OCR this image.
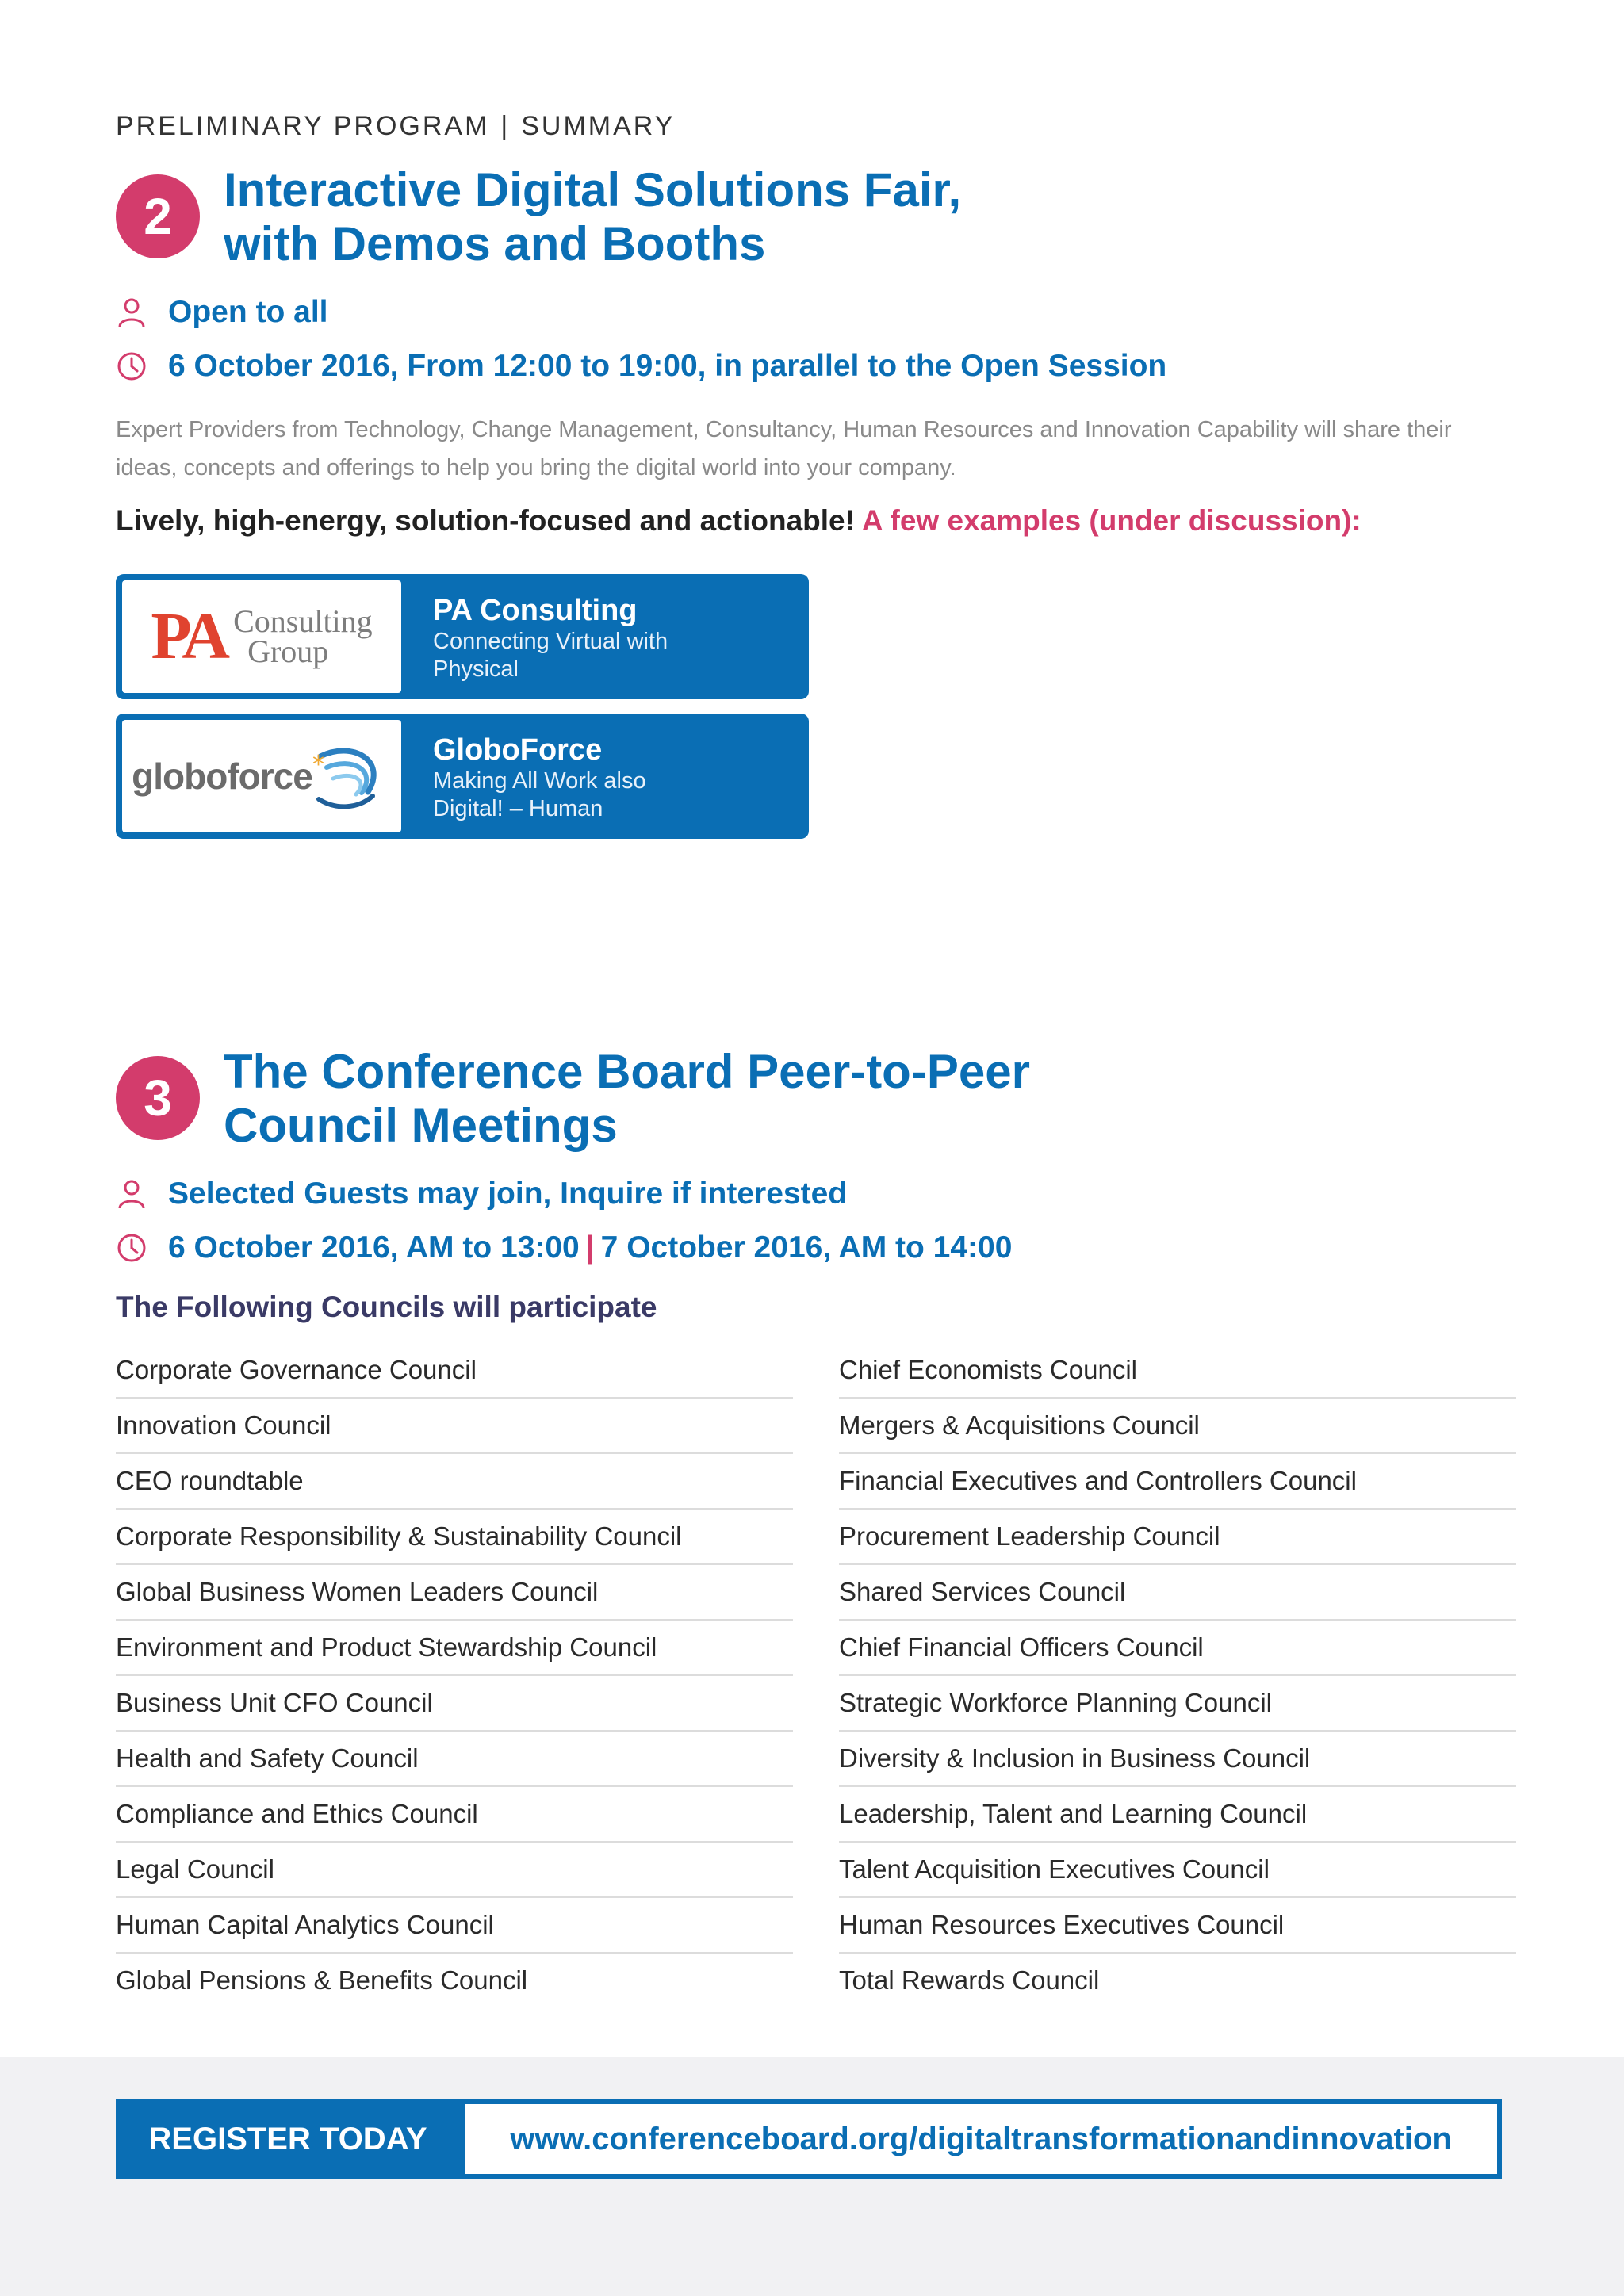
PRELIMINARY PROGRAM | SUMMARY
2	Interactive Digital Solutions Fair,
with Demos and Booths
Open to all
6 October 2016, From 12:00 to 19:00, in parallel to the Open Session

Expert Providers from Technology, Change Management, Consultancy, Human Resources and Innovation Capability will share their ideas, concepts and offerings to help you bring the digital world into your company.

Lively, high-energy, solution-focused and actionable! A few examples (under discussion):
PA Consulting
Group
PA Consulting
Connecting Virtual with Physical
globoforce *	GloboForce
Making All Work also Digital! – Human
3	The Conference Board Peer-to-Peer
Council Meetings
Selected Guests may join, Inquire if interested
6 October 2016, AM to 13:00 | 7 October 2016, AM to 14:00
The Following Councils will participate
Corporate Governance Council
Innovation Council
CEO roundtable
Corporate Responsibility & Sustainability Council
Global Business Women Leaders Council
Environment and Product Stewardship Council
Business Unit CFO Council
Health and Safety Council
Compliance and Ethics Council
Legal Council
Human Capital Analytics Council
Global Pensions & Benefits Council
Chief Economists Council
Mergers & Acquisitions Council
Financial Executives and Controllers Council
Procurement Leadership Council
Shared Services Council
Chief Financial Officers Council
Strategic Workforce Planning Council
Diversity & Inclusion in Business Council
Leadership, Talent and Learning Council
Talent Acquisition Executives Council
Human Resources Executives Council
Total Rewards Council
REGISTER TODAY	www.conferenceboard.org/digitaltransformationandinnovation
